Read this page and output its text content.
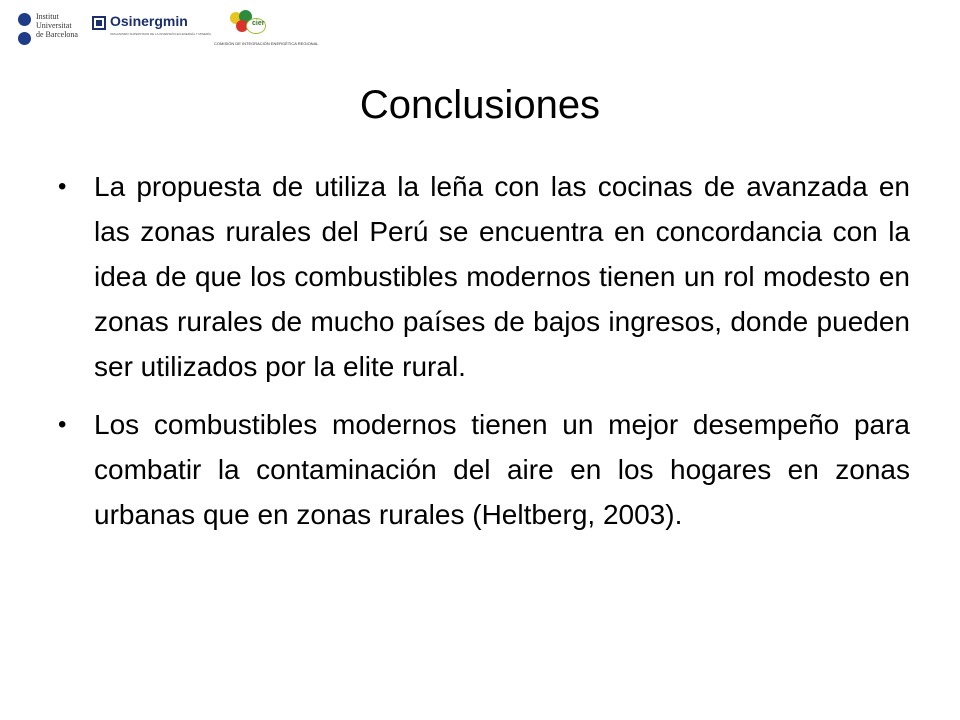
Institut
Universitat
de Barcelona
Osinergmin
ORGANISMO SUPERVISOR DE LA INVERSIÓN EN ENERGÍA Y MINERÍA
cier
COMISIÓN DE INTEGRACIÓN ENERGÉTICA REGIONAL
Conclusiones
• La propuesta de utiliza la leña con las cocinas de avanzada en las zonas rurales del Perú se encuentra en concordancia con la idea de que los combustibles modernos tienen un rol modesto en zonas rurales de mucho países de bajos ingresos, donde pueden ser utilizados por la elite rural.
• Los combustibles modernos tienen un mejor desempeño para combatir la contaminación del aire en los hogares en zonas urbanas que en zonas rurales (Heltberg, 2003).
